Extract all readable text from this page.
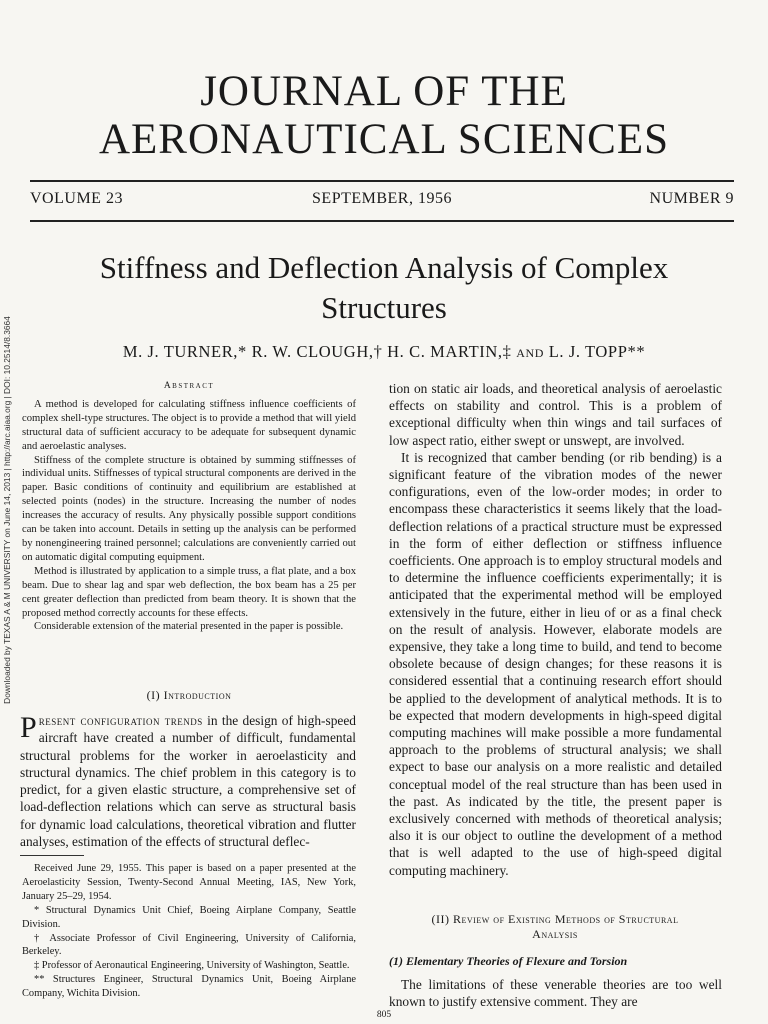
Downloaded by TEXAS A & M UNIVERSITY on June 14, 2013 | http://arc.aiaa.org | DOI: 10.2514/8.3664
JOURNAL OF THE
AERONAUTICAL SCIENCES
SEPTEMBER, 1956
VOLUME 23	NUMBER 9
Stiffness and Deflection Analysis of Complex
Structures
M. J. TURNER,* R. W. CLOUGH,† H. C. MARTIN,‡ AND L. J. TOPP**
Abstract

A method is developed for calculating stiffness influence coefficients of complex shell-type structures. The object is to provide a method that will yield structural data of sufficient accuracy to be adequate for subsequent dynamic and aeroelastic analyses.

Stiffness of the complete structure is obtained by summing stiffnesses of individual units. Stiffnesses of typical structural components are derived in the paper. Basic conditions of continuity and equilibrium are established at selected points (nodes) in the structure. Increasing the number of nodes increases the accuracy of results. Any physically possible support conditions can be taken into account. Details in setting up the analysis can be performed by nonengineering trained personnel; calculations are conveniently carried out on automatic digital computing equipment.

Method is illustrated by application to a simple truss, a flat plate, and a box beam. Due to shear lag and spar web deflection, the box beam has a 25 per cent greater deflection than predicted from beam theory. It is shown that the proposed method correctly accounts for these effects.

Considerable extension of the material presented in the paper is possible.

(I) Introduction

Present configuration trends in the design of high-speed aircraft have created a number of difficult, fundamental structural problems for the worker in aeroelasticity and structural dynamics. The chief problem in this category is to predict, for a given elastic structure, a comprehensive set of load-deflection relations which can serve as structural basis for dynamic load calculations, theoretical vibration and flutter analyses, estimation of the effects of structural deflec-

Received June 29, 1955. This paper is based on a paper presented at the Aeroelasticity Session, Twenty-Second Annual Meeting, IAS, New York, January 25–29, 1954.

* Structural Dynamics Unit Chief, Boeing Airplane Company, Seattle Division.

† Associate Professor of Civil Engineering, University of California, Berkeley.

‡ Professor of Aeronautical Engineering, University of Washington, Seattle.

** Structures Engineer, Structural Dynamics Unit, Boeing Airplane Company, Wichita Division.

tion on static air loads, and theoretical analysis of aeroelastic effects on stability and control. This is a problem of exceptional difficulty when thin wings and tail surfaces of low aspect ratio, either swept or unswept, are involved.

It is recognized that camber bending (or rib bending) is a significant feature of the vibration modes of the newer configurations, even of the low-order modes; in order to encompass these characteristics it seems likely that the load-deflection relations of a practical structure must be expressed in the form of either deflection or stiffness influence coefficients. One approach is to employ structural models and to determine the influence coefficients experimentally; it is anticipated that the experimental method will be employed extensively in the future, either in lieu of or as a final check on the result of analysis. However, elaborate models are expensive, they take a long time to build, and tend to become obsolete because of design changes; for these reasons it is considered essential that a continuing research effort should be applied to the development of analytical methods. It is to be expected that modern developments in high-speed digital computing machines will make possible a more fundamental approach to the problems of structural analysis; we shall expect to base our analysis on a more realistic and detailed conceptual model of the real structure than has been used in the past. As indicated by the title, the present paper is exclusively concerned with methods of theoretical analysis; also it is our object to outline the development of a method that is well adapted to the use of high-speed digital computing machinery.

(II) Review of Existing Methods of Structural

Analysis

(1) Elementary Theories of Flexure and Torsion

The limitations of these venerable theories are too well known to justify extensive comment. They are

805
